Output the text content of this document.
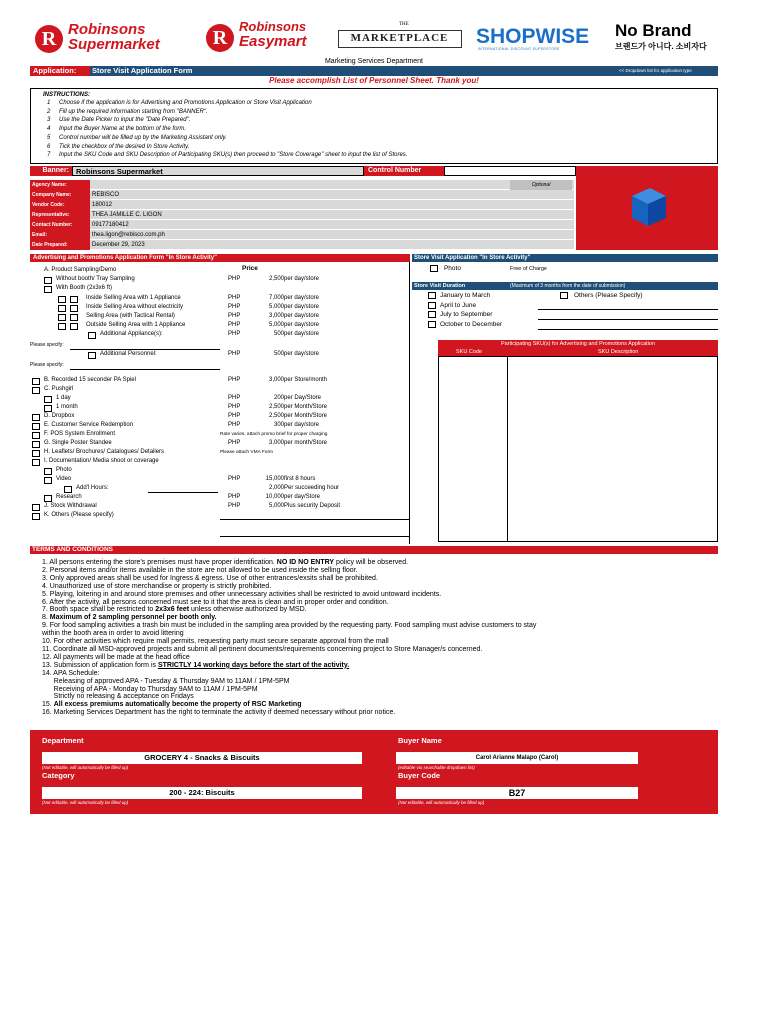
R Robinsons
Supermarket	R
Robinsons
Easymart
THE
MARKETPLACE	SHOPWISE
INTERNATIONAL DISCOUNT SUPERSTORE
No Brand
브랜드가 아니다. 소비자다
Marketing Services Department
Application:	Store Visit Application Form	<< Dropdown list for application type
Please accomplish List of Personnel Sheet. Thank you!
INSTRUCTIONS:
1 Choose if the application is for Advertising and Promotions Application or Store Visit Application
2 Fill up the required information starting from "BANNER".
3 Use the Date Picker to input the "Date Prepared".
4 Input the Buyer Name at the bottom of the form.
5 Control number will be filled up by the Marketing Assistant only.
6 Tick the checkbox of the desired In Store Activity.
7 Input the SKU Code and SKU Description of Participating SKU(s) then proceed to "Store Coverage" sheet to input the list of Stores.
Banner: Robinsons Supermarket	Control Number
Agency Name:
Company Name:	REBISCO
Vendor Code:	180012
Representative:	THEA JAMILLE C. LIGON
Contact Number:	09177180412
Email:	thea.ligon@rebisco.com.ph
Date Prepared:	December 29, 2023
Optional
Advertising and Promotions Application Form "In Store Activity"
Price
A. Product Sampling/Demo
Without booth/ Tray Sampling	PHP	2,500 per day/store
With Booth (2x3x6 ft)
Inside Selling Area with 1 Appliance	PHP	7,000 per day/store
Inside Selling Area without electricity	PHP	5,000 per day/store
Selling Area (with Tactical Rental)	PHP	3,000 per day/store
Outside Selling Area with 1 Appliance	PHP	5,000 per day/store
Additional Appliance(s):	PHP	500 per day/store
Additional Personnel:	PHP	500 per day/store
B. Recorded 15 seconder PA Spiel	PHP	3,000 per Store/month
C. Pushgirl
1 day	PHP	200 per Day/Store
1 month	PHP	2,500 per Month/Store
D. Dropbox	PHP	2,500 per Month/Store
E. Customer Service Redemption	PHP	300 per day/store
F. POS System Enrollment	Rate varies, attach promo brief for proper charging
G. Single Poster Standee	PHP	3,000 per month/Store
H. Leaflets/ Brochures/ Catalogues/ Detailers	Please attach VMA Form
I. Documentation/ Media shoot or coverage
Photo
Video	PHP	15,000 first 8 hours
Add'l Hours:	2,000 Per succeeding hour
Research	PHP	10,000 per day/Store
J. Stock Withdrawal	PHP	5,000 Plus security Deposit
K. Others (Please specify)
Please specify:
Please specify:
Store Visit Application "In Store Activity"
Photo	Free of Charge
Store Visit Duration	(Maximum of 3 months from the date of submission)
January to March
April to June
July to September
October to December
Others (Please Specify)
Participating SKU(s) for Advertising and Promotions Application
SKU Code	SKU Description
TERMS AND CONDITIONS
1. All persons entering the store's premises must have proper identification. NO ID NO ENTRY policy will be observed.
2. Personal items and/or items available in the store are not allowed to be used inside the selling floor.
3. Only approved areas shall be used for Ingress & egress. Use of other entrances/exsits shall be prohibited.
4. Unauthorized use of store merchandise or property is strictly prohibited.
5. Playing, loitering in and around store premises and other unnecessary activities shall be restricted to avoid untoward incidents.
6. After the activity, all persons concerned must see to it that the area is clean and in proper order and condition.
7. Booth space shall be restricted to 2x3x6 feet unless otherwise authorized by MSD.
8. Maximum of 2 sampling personnel per booth only.
9. For food sampling activities a trash bin must be included in the sampling area provided by the requesting party. Food sampling must advise customers to stay
within the booth area in order to avoid littering
10. For other activities which require mall permits, requesting party must secure separate approval from the mall
11. Coordinate all MSD-approved projects and submit all pertinent documents/requirements concerning project to Store Manager/s concerned.
12. All payments will be made at the head office
13. Submission of application form is STRICTLY 14 working days before the start of the activity.
14. APA Schedule:
Releasing of approved APA - Tuesday & Thursday 9AM to 11AM / 1PM-5PM
Receiving of APA - Monday to Thursday 9AM to 11AM / 1PM-5PM
Strictly no releasing & acceptance on Fridays
15. All excess premiums automatically become the property of RSC Marketing
16. Marketing Services Department has the right to terminate the activity if deemed necessary without prior notice.
Department
GROCERY 4 - Snacks & Biscuits
(Not editable, will automatically be filled up)
Category
200 - 224: Biscuits
(Not editable, will automatically be filled up)
Buyer Name
Carol Arianne Malapo (Carol)
(editable via searchable dropdown list)
Buyer Code
B27
(Not editable, will automatically be filled up)
